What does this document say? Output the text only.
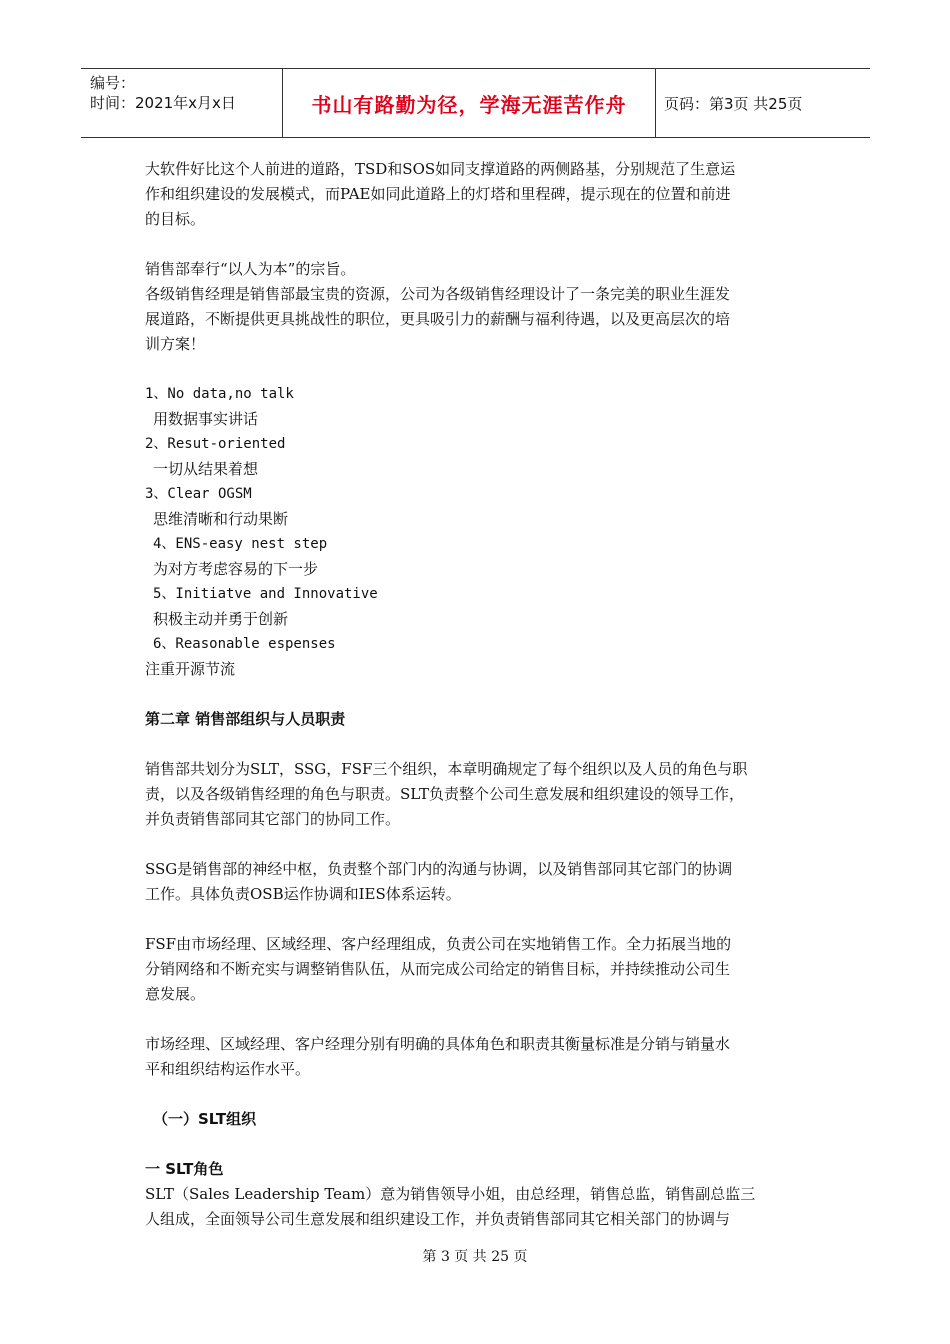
编号：
时间：2021年x月x日	书山有路勤为径，学海无涯苦作舟	页码：第3页 共25页

大软件好比这个人前进的道路，TSD和SOS如同支撑道路的两侧路基，分别规范了生意运

作和组织建设的发展模式，而PAE如同此道路上的灯塔和里程碑，提示现在的位置和前进

的目标。

销售部奉行“以人为本”的宗旨。

各级销售经理是销售部最宝贵的资源，公司为各级销售经理设计了一条完美的职业生涯发

展道路，不断提供更具挑战性的职位，更具吸引力的薪酬与福利待遇，以及更高层次的培

训方案！

1、No data,no talk

用数据事实讲话

2、Resut-oriented

一切从结果着想

3、Clear OGSM

思维清晰和行动果断

4、ENS-easy nest step

为对方考虑容易的下一步

5、Initiatve and Innovative

积极主动并勇于创新

6、Reasonable espenses

注重开源节流

第二章 销售部组织与人员职责

销售部共划分为SLT，SSG，FSF三个组织，本章明确规定了每个组织以及人员的角色与职

责，以及各级销售经理的角色与职责。SLT负责整个公司生意发展和组织建设的领导工作，

并负责销售部同其它部门的协同工作。

SSG是销售部的神经中枢，负责整个部门内的沟通与协调，以及销售部同其它部门的协调

工作。具体负责OSB运作协调和IES体系运转。

FSF由市场经理、区域经理、客户经理组成，负责公司在实地销售工作。全力拓展当地的

分销网络和不断充实与调整销售队伍，从而完成公司给定的销售目标，并持续推动公司生

意发展。

市场经理、区域经理、客户经理分别有明确的具体角色和职责其衡量标准是分销与销量水

平和组织结构运作水平。

（一）SLT组织

一 SLT角色

SLT（Sales Leadership Team）意为销售领导小姐，由总经理，销售总监，销售副总监三

人组成，全面领导公司生意发展和组织建设工作，并负责销售部同其它相关部门的协调与

第 3 页 共 25 页
